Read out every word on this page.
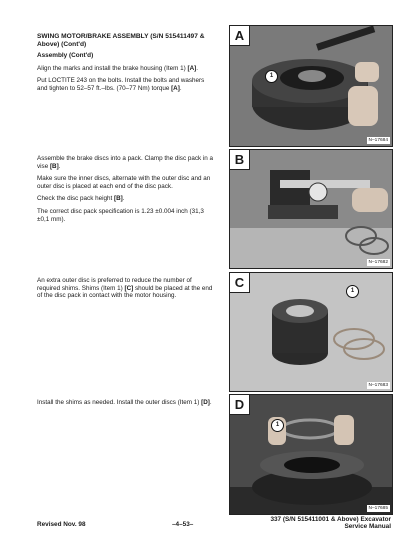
SWING MOTOR/BRAKE ASSEMBLY (S/N 515411497 & Above) (Cont'd)
Assembly (Cont'd)

Align the marks and install the brake housing (Item 1) [A].

Put LOCTITE 243 on the bolts. Install the bolts and washers and tighten to 52–57 ft.–lbs. (70–77 Nm) torque [A].

A
1
N–17684

Assemble the brake discs into a pack. Clamp the disc pack in a vise [B].

Make sure the inner discs, alternate with the outer disc and an outer disc is placed at each end of the disc pack.

Check the disc pack height [B].

The correct disc pack specification is 1.23 ±0.004 inch (31,3 ±0,1 mm).

B
N–17682

An extra outer disc is preferred to reduce the number of required shims. Shims (Item 1) [C] should be placed at the end of the disc pack in contact with the motor housing.

C
1
N–17683

Install the shims as needed. Install the outer discs (Item 1) [D].	D
1
N–17685
Revised Nov. 98	–4–53–
337 (S/N 515411001 & Above) Excavator
Service Manual
